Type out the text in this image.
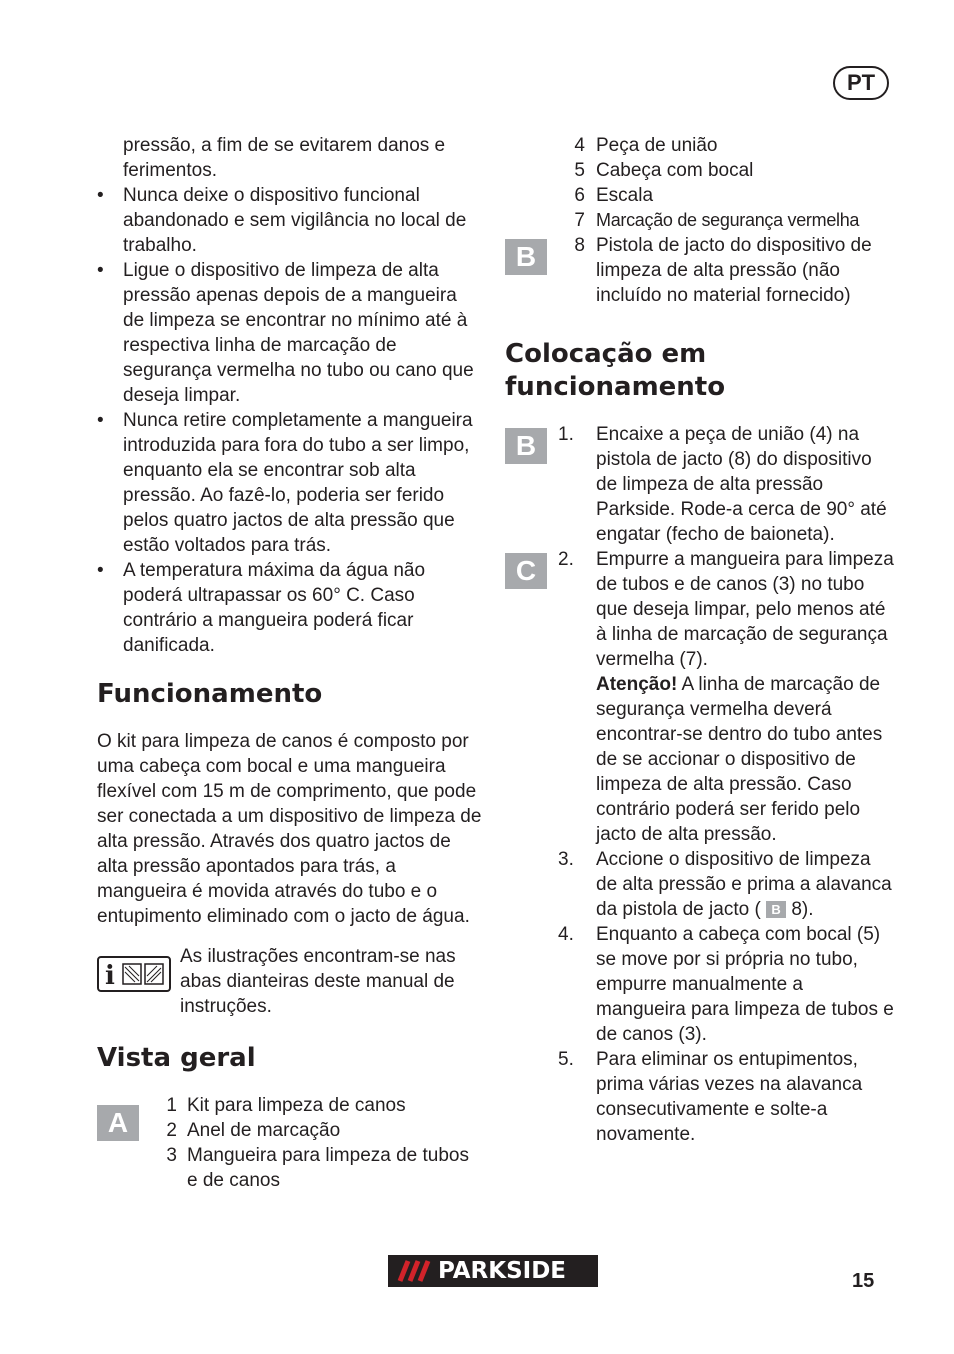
PT
pressão, a fim de se evitarem danos e ferimentos.
• Nunca deixe o dispositivo funcional abandonado e sem vigilância no local de trabalho.
• Ligue o dispositivo de limpeza de alta pressão apenas depois de a mangueira de limpeza se encontrar no mínimo até à respectiva linha de marcação de segurança vermelha no tubo ou cano que deseja limpar.
• Nunca retire completamente a mangueira introduzida para fora do tubo a ser limpo, enquanto ela se encontrar sob alta pressão. Ao fazê-lo, poderia ser ferido pelos quatro jactos de alta pressão que estão voltados para trás.
• A temperatura máxima da água não poderá ultrapassar os 60° C. Caso contrário a mangueira poderá ficar danificada.
Funcionamento

O kit para limpeza de canos é composto por uma cabeça com bocal e uma mangueira flexível com 15 m de comprimento, que pode ser conectada a um dispositivo de limpeza de alta pressão. Através dos quatro jactos de alta pressão apontados para trás, a mangueira é movida através do tubo e o entupimento eliminado com o jacto de água.

i

As ilustrações encontram-se nas abas dianteiras deste manual de instruções.

Vista geral
A
1 Kit para limpeza de canos
2 Anel de marcação
3 Mangueira para limpeza de tubos e de canos
4 Peça de união
5 Cabeça com bocal
6 Escala
7 Marcação de segurança vermelha
B	8 Pistola de jacto do dispositivo de limpeza de alta pressão (não incluído no material fornecido)
Colocação em funcionamento
B	1. Encaixe a peça de união (4) na pistola de jacto (8) do dispositivo de limpeza de alta pressão Parkside. Rode-a cerca de 90° até engatar (fecho de baioneta).
C	2. Empurre a mangueira para limpeza de tubos e de canos (3) no tubo que deseja limpar, pelo menos até à linha de marcação de segurança vermelha (7).
Atenção! A linha de marcação de segurança vermelha deverá encontrar-se dentro do tubo antes de se accionar o dispositivo de limpeza de alta pressão. Caso contrário poderá ser ferido pelo jacto de alta pressão.
3. Accione o dispositivo de limpeza de alta pressão e prima a alavanca da pistola de jacto ( B 8).
4. Enquanto a cabeça com bocal (5) se move por si própria no tubo, empurre manualmente a mangueira para limpeza de tubos e de canos (3).
5. Para eliminar os entupimentos, prima várias vezes na alavanca consecutivamente e solte-a novamente.
PARKSIDE	15
